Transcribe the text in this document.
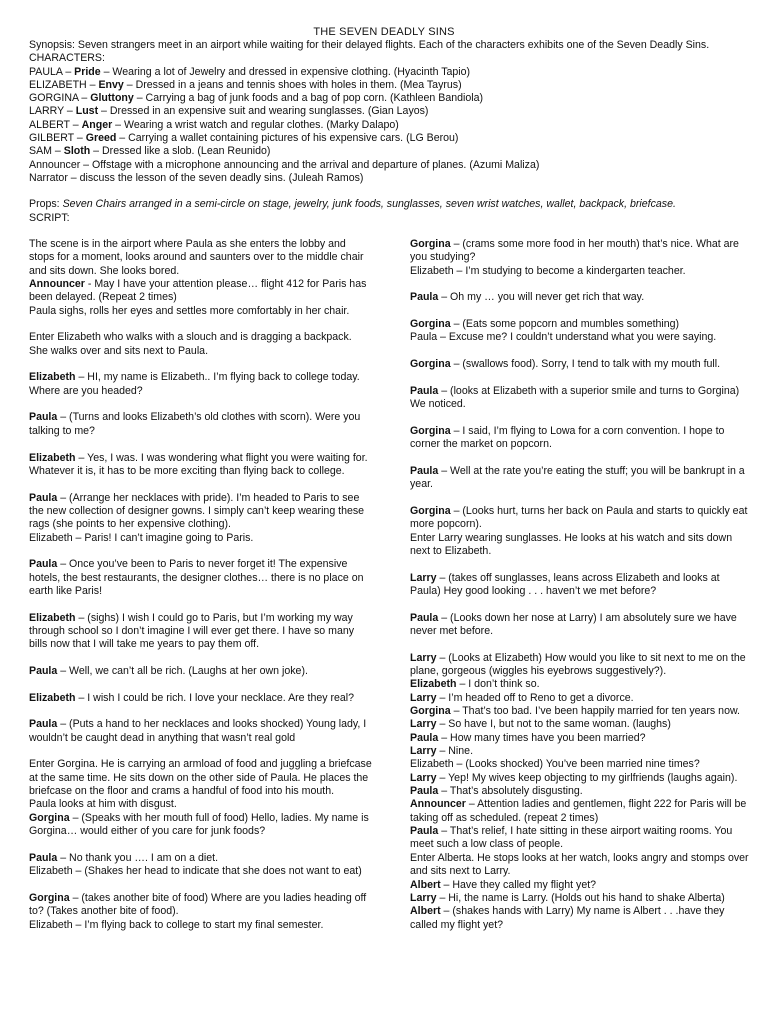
THE SEVEN DEADLY SINS

Synopsis: Seven strangers meet in an airport while waiting for their delayed flights. Each of the characters exhibits one of the Seven Deadly Sins.

CHARACTERS:

PAULA – Pride – Wearing a lot of Jewelry and dressed in expensive clothing. (Hyacinth Tapio)

ELIZABETH – Envy – Dressed in a jeans and tennis shoes with holes in them. (Mea Tayrus)

GORGINA – Gluttony – Carrying a bag of junk foods and a bag of pop corn. (Kathleen Bandiola)

LARRY – Lust – Dressed in an expensive suit and wearing sunglasses. (Gian Layos)

ALBERT – Anger – Wearing a wrist watch and regular clothes. (Marky Dalapo)

GILBERT – Greed – Carrying a wallet containing pictures of his expensive cars. (LG Berou)

SAM – Sloth – Dressed like a slob. (Lean Reunido)

Announcer – Offstage with a microphone announcing and the arrival and departure of planes. (Azumi Maliza)

Narrator – discuss the lesson of the seven deadly sins. (Juleah Ramos)

Props: Seven Chairs arranged in a semi-circle on stage, jewelry, junk foods, sunglasses, seven wrist watches, wallet, backpack, briefcase.

SCRIPT:

The scene is in the airport where Paula as she enters the lobby and stops for a moment, looks around and saunters over to the middle chair and sits down. She looks bored.

Announcer - May I have your attention please… flight 412 for Paris has been delayed. (Repeat 2 times)

Paula sighs, rolls her eyes and settles more comfortably in her chair.

Enter Elizabeth who walks with a slouch and is dragging a backpack. She walks over and sits next to Paula.

Elizabeth – HI, my name is Elizabeth.. I’m flying back to college today. Where are you headed?

Paula – (Turns and looks Elizabeth’s old clothes with scorn). Were you talking to me?

Elizabeth – Yes, I was. I was wondering what flight you were waiting for. Whatever it is, it has to be more exciting than flying back to college.

Paula – (Arrange her necklaces with pride). I’m headed to Paris to see the new collection of designer gowns. I simply can’t keep wearing these rags (she points to her expensive clothing).

Elizabeth – Paris! I can’t imagine going to Paris.

Paula – Once you’ve been to Paris to never forget it! The expensive hotels, the best restaurants, the designer clothes… there is no place on earth like Paris!

Elizabeth – (sighs) I wish I could go to Paris, but I’m working my way through school so I don’t imagine I will ever get there. I have so many bills now that I will take me years to pay them off.

Paula – Well, we can’t all be rich. (Laughs at her own joke).

Elizabeth – I wish I could be rich. I love your necklace. Are they real?

Paula – (Puts a hand to her necklaces and looks shocked) Young lady, I wouldn’t be caught dead in anything that wasn’t real gold

Enter Gorgina. He is carrying an armload of food and juggling a briefcase at the same time. He sits down on the other side of Paula. He places the briefcase on the floor and crams a handful of food into his mouth.

Paula looks at him with disgust.

Gorgina – (Speaks with her mouth full of food) Hello, ladies. My name is Gorgina… would either of you care for junk foods?

Paula – No thank you …. I am on a diet.

Elizabeth – (Shakes her head to indicate that she does not want to eat)

Gorgina – (takes another bite of food) Where are you ladies heading off to? (Takes another bite of food).

Elizabeth – I’m flying back to college to start my final semester.

Gorgina – (crams some more food in her mouth) that’s nice. What are you studying?

Elizabeth – I’m studying to become a kindergarten teacher.

Paula – Oh my … you will never get rich that way.

Gorgina – (Eats some popcorn and mumbles something)

Paula – Excuse me? I couldn’t understand what you were saying.

Gorgina – (swallows food). Sorry, I tend to talk with my mouth full.

Paula – (looks at Elizabeth with a superior smile and turns to Gorgina) We noticed.

Gorgina – I said, I’m flying to Lowa for a corn convention. I hope to corner the market on popcorn.

Paula – Well at the rate you’re eating the stuff; you will be bankrupt in a year.

Gorgina – (Looks hurt, turns her back on Paula and starts to quickly eat more popcorn).

Enter Larry wearing sunglasses. He looks at his watch and sits down next to Elizabeth.

Larry – (takes off sunglasses, leans across Elizabeth and looks at Paula) Hey good looking . . . haven’t we met before?

Paula – (Looks down her nose at Larry) I am absolutely sure we have never met before.

Larry – (Looks at Elizabeth) How would you like to sit next to me on the plane, gorgeous (wiggles his eyebrows suggestively?).

Elizabeth – I don’t think so.

Larry – I’m headed off to Reno to get a divorce.

Gorgina – That’s too bad. I’ve been happily married for ten years now.

Larry – So have I, but not to the same woman. (laughs)

Paula – How many times have you been married?

Larry – Nine.

Elizabeth – (Looks shocked) You’ve been married nine times?

Larry – Yep! My wives keep objecting to my girlfriends (laughs again).

Paula – That’s absolutely disgusting.

Announcer – Attention ladies and gentlemen, flight 222 for Paris will be taking off as scheduled. (repeat 2 times)

Paula – That’s relief, I hate sitting in these airport waiting rooms. You meet such a low class of people.

Enter Alberta. He stops looks at her watch, looks angry and stomps over and sits next to Larry.

Albert – Have they called my flight yet?

Larry – Hi, the name is Larry. (Holds out his hand to shake Alberta)

Albert – (shakes hands with Larry) My name is Albert . . .have they called my flight yet?
